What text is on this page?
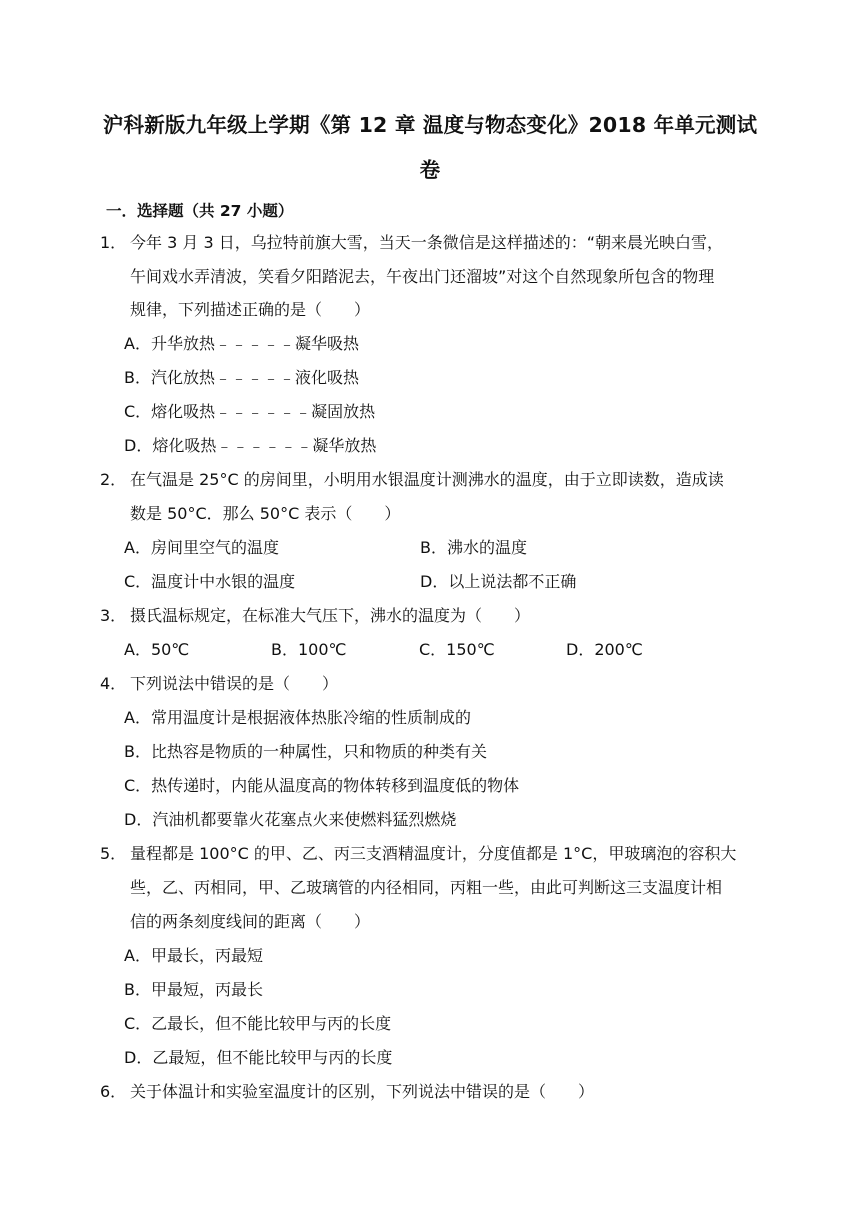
沪科新版九年级上学期《第 12 章 温度与物态变化》2018 年单元测试
卷
一．选择题（共 27 小题）
1． 今年 3 月 3 日，乌拉特前旗大雪，当天一条微信是这样描述的：“朝来晨光映白雪，
午间戏水弄清波，笑看夕阳踏泥去，午夜出门还溜坡”对这个自然现象所包含的物理
规律，下列描述正确的是（　　）
A．升华放热﹣﹣﹣﹣﹣凝华吸热
B．汽化放热﹣﹣﹣﹣﹣液化吸热
C．熔化吸热﹣﹣﹣﹣﹣﹣凝固放热
D．熔化吸热﹣﹣﹣﹣﹣﹣凝华放热
2． 在气温是 25°C 的房间里，小明用水银温度计测沸水的温度，由于立即读数，造成读
数是 50°C．那么 50°C 表示（　　）
A．房间里空气的温度	B．沸水的温度
C．温度计中水银的温度	D．以上说法都不正确
3． 摄氏温标规定，在标准大气压下，沸水的温度为（　　）
A．50℃	B．100℃	C．150℃	D．200℃
4． 下列说法中错误的是（　　）
A．常用温度计是根据液体热胀冷缩的性质制成的
B．比热容是物质的一种属性，只和物质的种类有关
C．热传递时，内能从温度高的物体转移到温度低的物体
D．汽油机都要靠火花塞点火来使燃料猛烈燃烧
5． 量程都是 100°C 的甲、乙、丙三支酒精温度计，分度值都是 1°C，甲玻璃泡的容积大
些，乙、丙相同，甲、乙玻璃管的内径相同，丙粗一些，由此可判断这三支温度计相
信的两条刻度线间的距离（　　）
A．甲最长，丙最短
B．甲最短，丙最长
C．乙最长，但不能比较甲与丙的长度
D．乙最短，但不能比较甲与丙的长度
6． 关于体温计和实验室温度计的区别，下列说法中错误的是（　　）
